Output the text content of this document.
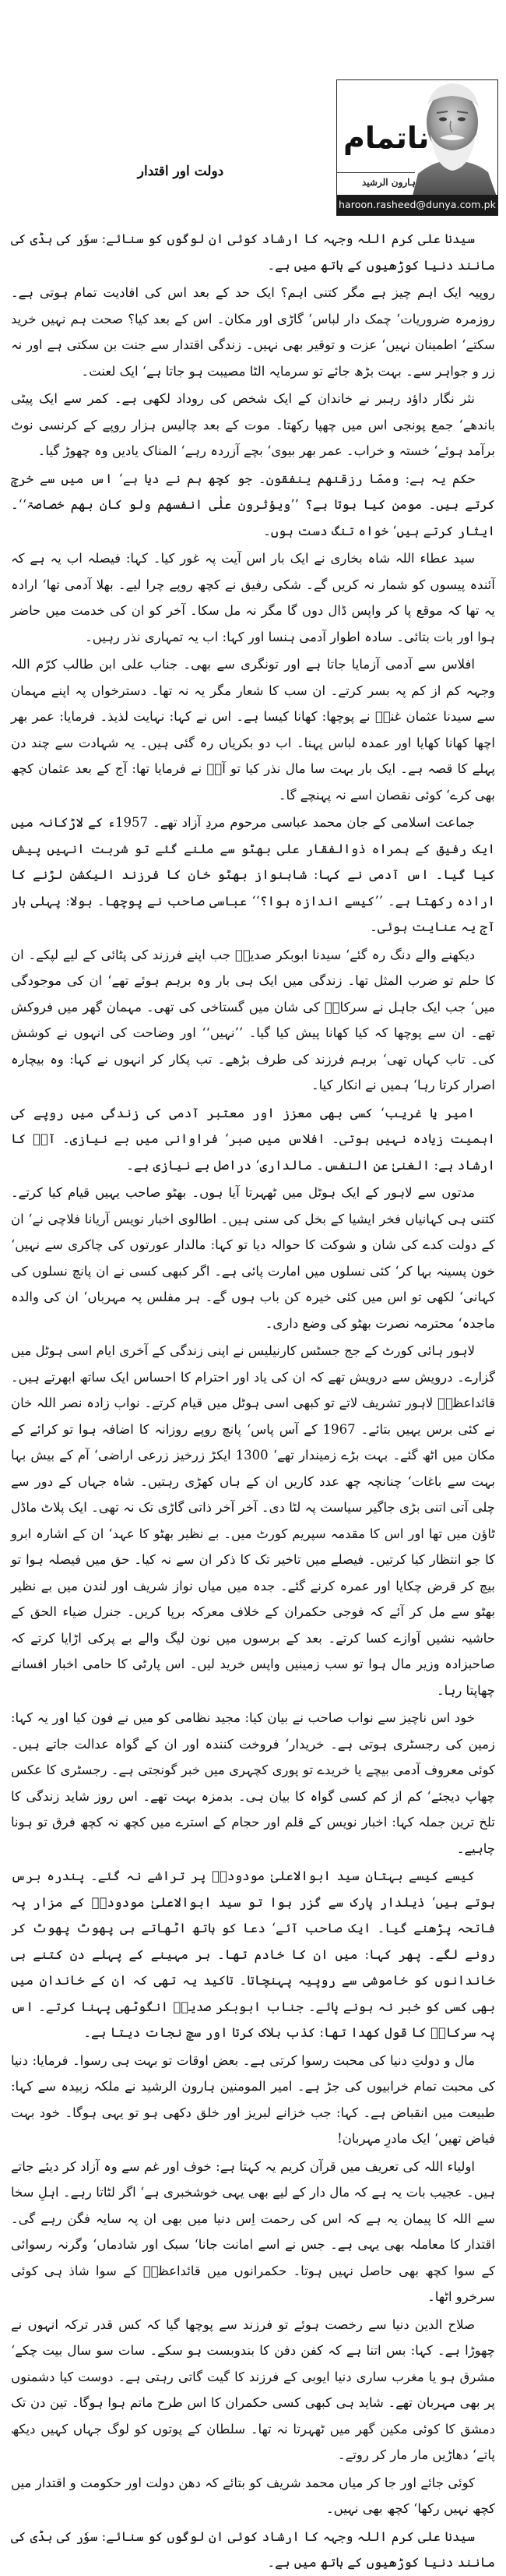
ناتمام
ہارون الرشید
haroon.rasheed@dunya.com.pk
دولت اور اقتدار

سیدنا علی کرم اللہ وجہہ کا ارشاد کوئی ان لوگوں کو سنائے: سوٗر کی ہڈی کی مانند دنیا کوڑھیوں کے ہاتھ میں ہے۔

روپیہ ایک اہم چیز ہے مگر کتنی اہم؟ ایک حد کے بعد اس کی افادیت تمام ہوتی ہے۔ روزمرہ ضروریات‘ چمک دار لباس‘ گاڑی اور مکان۔ اس کے بعد کیا؟ صحت ہم نہیں خرید سکتے‘ اطمینان نہیں‘ عزت و توقیر بھی نہیں۔ زندگی اقتدار سے جنت بن سکتی ہے اور نہ زر و جواہر سے۔ بہت بڑھ جائے تو سرمایہ الٹا مصیبت ہو جاتا ہے‘ ایک لعنت۔

نثر نگار داؤد رہبر نے خاندان کے ایک شخص کی روداد لکھی ہے۔ کمر سے ایک پیٹی باندھے‘ جمع پونجی اس میں چھپا رکھتا۔ موت کے بعد چالیس ہزار روپے کے کرنسی نوٹ برآمد ہوئے‘ خستہ و خراب۔ عمر بھر بیوی‘ بچے آزردہ رہے‘ المناک یادیں وہ چھوڑ گیا۔

حکم یہ ہے: وممّا رزقنٰھم ینفقون۔ جو کچھ ہم نے دیا ہے‘ اس میں سے خرچ کرتے ہیں۔ مومن کیا ہوتا ہے؟ ’’ویؤثرون علٰی انفسھم ولو کان بھم خصاصۃ‘‘۔ ایثار کرتے ہیں‘ خواہ تنگ دست ہوں۔

سید عطاء اللہ شاہ بخاری نے ایک بار اس آیت پہ غور کیا۔ کہا: فیصلہ اب یہ ہے کہ آئندہ پیسوں کو شمار نہ کریں گے۔ شکی رفیق نے کچھ روپے چرا لیے۔ بھلا آدمی تھا‘ ارادہ یہ تھا کہ موقع پا کر واپس ڈال دوں گا مگر نہ مل سکا۔ آخر کو ان کی خدمت میں حاضر ہوا اور بات بتائی۔ سادہ اطوار آدمی ہنسا اور کہا: اب یہ تمہاری نذر رہیں۔

افلاس سے آدمی آزمایا جاتا ہے اور تونگری سے بھی۔ جناب علی ابن طالب کرّم اللہ وجہہ کم از کم پہ بسر کرتے۔ ان سب کا شعار مگر یہ نہ تھا۔ دسترخواں پہ اپنے مہمان سے سیدنا عثمان غنیؓ نے پوچھا: کھانا کیسا ہے۔ اس نے کہا: نہایت لذیذ۔ فرمایا: عمر بھر اچھا کھانا کھایا اور عمدہ لباس پہنا۔ اب دو بکریاں رہ گئی ہیں۔ یہ شہادت سے چند دن پہلے کا قصہ ہے۔ ایک بار بہت سا مال نذر کیا تو آپؐ نے فرمایا تھا: آج کے بعد عثمان کچھ بھی کرے‘ کوئی نقصان اسے نہ پہنچے گا۔

جماعت اسلامی کے جان محمد عباسی مرحوم مردِ آزاد تھے۔ 1957ء کے لاڑکانہ میں ایک رفیق کے ہمراہ ذوالفقار علی بھٹو سے ملنے گئے تو شربت انہیں پیش کیا گیا۔ اس آدمی نے کہا: شاہنواز بھٹو خان کا فرزند الیکشن لڑنے کا ارادہ رکھتا ہے۔ ’’کیسے اندازہ ہوا؟‘‘ عباسی صاحب نے پوچھا۔ بولا: پہلی بار آج یہ عنایت ہوئی۔

دیکھنے والے دنگ رہ گئے‘ سیدنا ابوبکر صدیقؓ جب اپنے فرزند کی پٹائی کے لیے لپکے۔ ان کا حلم تو ضرب المثل تھا۔ زندگی میں ایک ہی بار وہ برہم ہوئے تھے‘ ان کی موجودگی میں‘ جب ایک جاہل نے سرکارؐ کی شان میں گستاخی کی تھی۔ مہمان گھر میں فروکش تھے۔ ان سے پوچھا کہ کیا کھانا پیش کیا گیا۔ ’’نہیں‘‘ اور وضاحت کی انہوں نے کوشش کی۔ تاب کہاں تھی‘ برہم فرزند کی طرف بڑھے۔ تب پکار کر انہوں نے کہا: وہ بیچارہ اصرار کرتا رہا‘ ہمیں نے انکار کیا۔

امیر یا غریب‘ کسی بھی معزز اور معتبر آدمی کی زندگی میں روپے کی اہمیت زیادہ نہیں ہوتی۔ افلاس میں صبر‘ فراوانی میں بے نیازی۔ آپؐ کا ارشاد ہے: الغنیٰ عن النفس۔ مالداری‘ دراصل بے نیازی ہے۔

مدتوں سے لاہور کے ایک ہوٹل میں ٹھہرتا آیا ہوں۔ بھٹو صاحب یہیں قیام کیا کرتے۔ کتنی ہی کہانیاں فخر ایشیا کے بخل کی سنی ہیں۔ اطالوی اخبار نویس آریانا فلاچی نے‘ ان کے دولت کدے کی شان و شوکت کا حوالہ دیا تو کہا: مالدار عورتوں کی چاکری سے نہیں‘ خون پسینہ بہا کر‘ کئی نسلوں میں امارت پائی ہے۔ اگر کبھی کسی نے ان پانچ نسلوں کی کہانی‘ لکھی تو اس میں کئی خیرہ کن باب ہوں گے۔ ہر مفلس پہ مہرباں‘ ان کی والدہ ماجدہ‘ محترمہ نصرت بھٹو کی وضع داری۔

لاہور ہائی کورٹ کے جج جسٹس کارنیلیس نے اپنی زندگی کے آخری ایام اسی ہوٹل میں گزارے۔ درویش سے درویش تھے کہ ان کی یاد اور احترام کا احساس ایک ساتھ ابھرتے ہیں۔ قائداعظمؒ لاہور تشریف لاتے تو کبھی اسی ہوٹل میں قیام کرتے۔ نواب زادہ نصر اللہ خان نے کئی برس یہیں بتائے۔ 1967 کے آس پاس‘ پانچ روپے روزانہ کا اضافہ ہوا تو کرائے کے مکان میں اٹھ گئے۔ بہت بڑے زمیندار تھے‘ 1300 ایکڑ زرخیز زرعی اراضی‘ آم کے بیش بہا بہت سے باغات‘ چنانچہ چھ عدد کاریں ان کے ہاں کھڑی رہتیں۔ شاہ جہاں کے دور سے چلی آتی اتنی بڑی جاگیر سیاست پہ لٹا دی۔ آخر آخر ذاتی گاڑی تک نہ تھی۔ ایک پلاٹ ماڈل ٹاؤن میں تھا اور اس کا مقدمہ سپریم کورٹ میں۔ بے نظیر بھٹو کا عہد‘ ان کے اشارہ ابرو کا جو انتظار کیا کرتیں۔ فیصلے میں تاخیر تک کا ذکر ان سے نہ کیا۔ حق میں فیصلہ ہوا تو بیچ کر قرض چکایا اور عمرہ کرنے گئے۔ جدہ میں میاں نواز شریف اور لندن میں بے نظیر بھٹو سے مل کر آئے کہ فوجی حکمران کے خلاف معرکہ برپا کریں۔ جنرل ضیاء الحق کے حاشیہ نشیں آوازے کسا کرتے۔ بعد کے برسوں میں نون لیگ والے بے پرکی اڑایا کرتے کہ صاحبزادہ وزیر مال ہوا تو سب زمینیں واپس خرید لیں۔ اس پارٹی کا حامی اخبار افسانے چھاپتا رہا۔

خود اس ناچیز سے نواب صاحب نے بیان کیا: مجید نظامی کو میں نے فون کیا اور یہ کہا: زمین کی رجسٹری ہوتی ہے۔ خریدار‘ فروخت کنندہ اور ان کے گواہ عدالت جاتے ہیں۔ کوئی معروف آدمی بیچے یا خریدے تو پوری کچہری میں خبر گونجتی ہے۔ رجسٹری کا عکس چھاپ دیجئے‘ کم از کم کسی گواہ کا بیان ہی۔ بدمزہ بہت تھے۔ اس روز شاید زندگی کا تلخ ترین جملہ کہا: اخبار نویس کے قلم اور حجام کے استرے میں کچھ نہ کچھ فرق تو ہونا چاہیے۔

کیسے کیسے بہتان سید ابوالاعلیٰ مودودیؒ پر تراشے نہ گئے۔ پندرہ برس ہوتے ہیں‘ ذیلدار پارک سے گزر ہوا تو سید ابوالاعلیٰ مودودیؒ کے مزار پہ فاتحہ پڑھنے گیا۔ ایک صاحب آئے‘ دعا کو ہاتھ اٹھاتے ہی پھوٹ پھوٹ کر رونے لگے۔ پھر کہا: میں ان کا خادم تھا۔ ہر مہینے کے پہلے دن کتنے ہی خاندانوں کو خاموشی سے روپیہ پہنچاتا۔ تاکید یہ تھی کہ ان کے خاندان میں بھی کسی کو خبر نہ ہونے پائے۔ جناب ابوبکر صدیقؓ انگوٹھی پہنا کرتے۔ اس پہ سرکارؐ کا قول کھدا تھا: کذب ہلاک کرتا اور سچ نجات دیتا ہے۔

مال و دولتِ دنیا کی محبت رسوا کرتی ہے۔ بعض اوقات تو بہت ہی رسوا۔ فرمایا: دنیا کی محبت تمام خرابیوں کی جڑ ہے۔ امیر المومنین ہارون الرشید نے ملکہ زبیدہ سے کہا: طبیعت میں انقباض ہے۔ کہا: جب خزانے لبریز اور خلق دکھی ہو تو یہی ہوگا۔ خود بہت فیاض تھیں‘ ایک مادرِ مہربان!

اولیاء اللہ کی تعریف میں قرآن کریم یہ کہتا ہے: خوف اور غم سے وہ آزاد کر دیئے جاتے ہیں۔ عجیب بات یہ ہے کہ مال دار کے لیے بھی یہی خوشخبری ہے‘ اگر لٹاتا رہے۔ اہلِ سخا سے اللہ کا پیمان یہ ہے کہ اس کی رحمت اِس دنیا میں بھی ان پہ سایہ فگن رہے گی۔ اقتدار کا معاملہ بھی یہی ہے۔ جس نے اسے امانت جانا‘ سبک اور شادماں‘ وگرنہ رسوائی کے سوا کچھ بھی حاصل نہیں ہوتا۔ حکمرانوں میں قائداعظمؒ کے سوا شاذ ہی کوئی سرخرو اٹھا۔

صلاح الدین دنیا سے رخصت ہوئے تو فرزند سے پوچھا گیا کہ کس قدر ترکہ انہوں نے چھوڑا ہے۔ کہا: بس اتنا ہے کہ کفن دفن کا بندوبست ہو سکے۔ سات سو سال بیت چکے‘ مشرق ہو یا مغرب ساری دنیا ایوبی کے فرزند کا گیت گاتی رہتی ہے۔ دوست کیا دشمنوں پر بھی مہربان تھے۔ شاید ہی کبھی کسی حکمران کا اس طرح ماتم ہوا ہوگا۔ تین دن تک دمشق کا کوئی مکین گھر میں ٹھہرتا نہ تھا۔ سلطان کے پوتوں کو لوگ جہاں کہیں دیکھ پاتے‘ دھاڑیں مار مار کر روتے۔

کوئی جائے اور جا کر میاں محمد شریف کو بتائے کہ دھن دولت اور حکومت و اقتدار میں کچھ نہیں رکھا‘ کچھ بھی نہیں۔

سیدنا علی کرم اللہ وجہہ کا ارشاد کوئی ان لوگوں کو سنائے: سوٗر کی ہڈی کی مانند دنیا کوڑھیوں کے ہاتھ میں ہے۔
